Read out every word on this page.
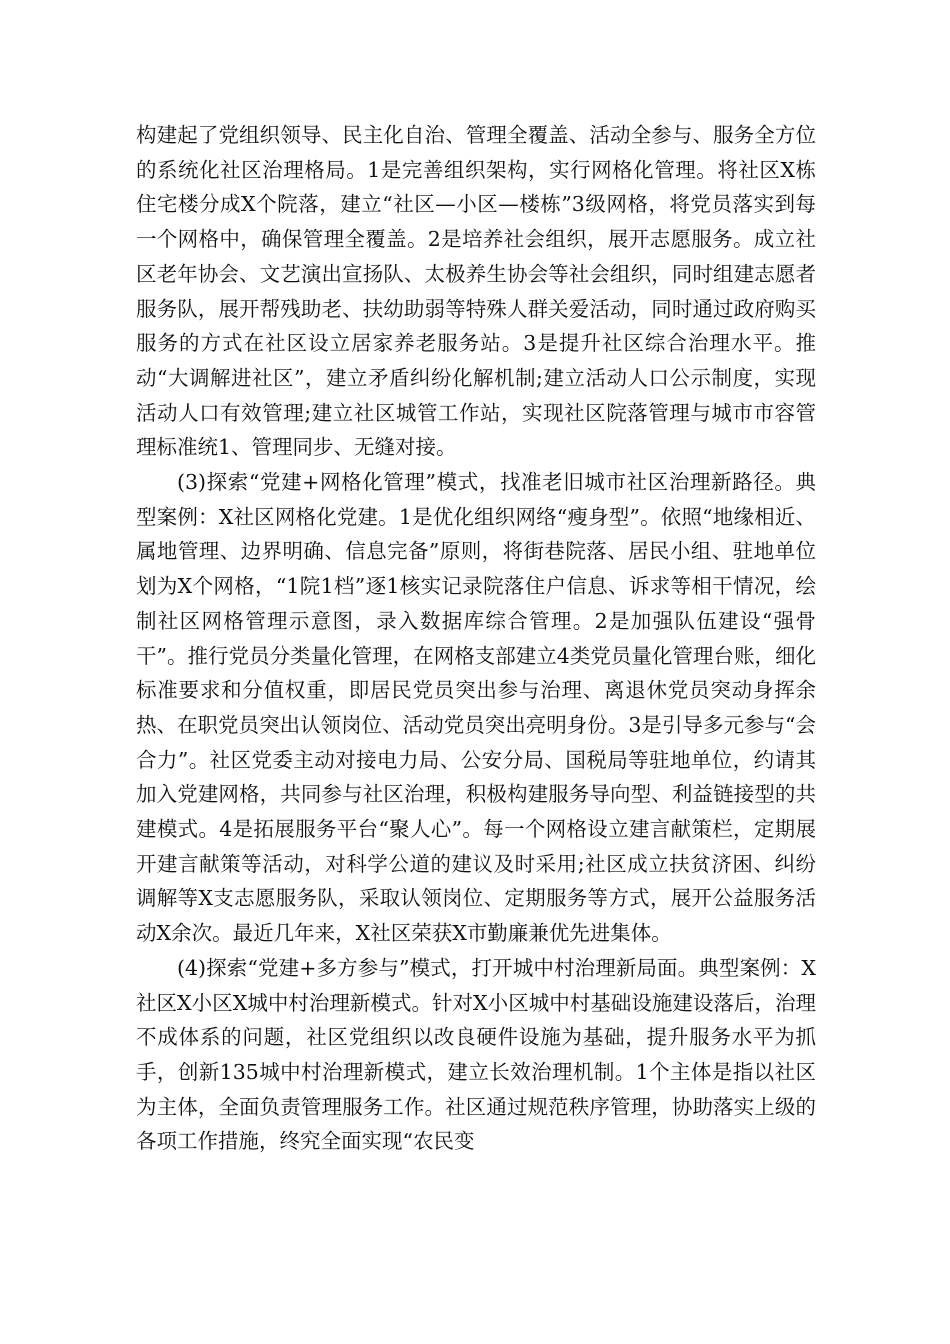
构建起了党组织领导、民主化自治、管理全覆盖、活动全参与、服务全方位的系统化社区治理格局。1是完善组织架构，实行网格化管理。将社区X栋住宅楼分成X个院落，建立“社区—小区—楼栋”3级网格，将党员落实到每一个网格中，确保管理全覆盖。2是培养社会组织，展开志愿服务。成立社区老年协会、文艺演出宣扬队、太极养生协会等社会组织，同时组建志愿者服务队，展开帮残助老、扶幼助弱等特殊人群关爱活动，同时通过政府购买服务的方式在社区设立居家养老服务站。3是提升社区综合治理水平。推动“大调解进社区”，建立矛盾纠纷化解机制;建立活动人口公示制度，实现活动人口有效管理;建立社区城管工作站，实现社区院落管理与城市市容管理标准统1、管理同步、无缝对接。

(3)探索“党建+网格化管理”模式，找准老旧城市社区治理新路径。典型案例：X社区网格化党建。1是优化组织网络“瘦身型”。依照“地缘相近、属地管理、边界明确、信息完备”原则，将街巷院落、居民小组、驻地单位划为X个网格，“1院1档”逐1核实记录院落住户信息、诉求等相干情况，绘制社区网格管理示意图，录入数据库综合管理。2是加强队伍建设“强骨干”。推行党员分类量化管理，在网格支部建立4类党员量化管理台账，细化标准要求和分值权重，即居民党员突出参与治理、离退休党员突动身挥余热、在职党员突出认领岗位、活动党员突出亮明身份。3是引导多元参与“会合力”。社区党委主动对接电力局、公安分局、国税局等驻地单位，约请其加入党建网格，共同参与社区治理，积极构建服务导向型、利益链接型的共建模式。4是拓展服务平台“聚人心”。每一个网格设立建言献策栏，定期展开建言献策等活动，对科学公道的建议及时采用;社区成立扶贫济困、纠纷调解等X支志愿服务队，采取认领岗位、定期服务等方式，展开公益服务活动X余次。最近几年来，X社区荣获X市勤廉兼优先进集体。

(4)探索“党建+多方参与”模式，打开城中村治理新局面。典型案例：X社区X小区X城中村治理新模式。针对X小区城中村基础设施建设落后，治理不成体系的问题，社区党组织以改良硬件设施为基础，提升服务水平为抓手，创新135城中村治理新模式，建立长效治理机制。1个主体是指以社区为主体，全面负责管理服务工作。社区通过规范秩序管理，协助落实上级的各项工作措施，终究全面实现“农民变
